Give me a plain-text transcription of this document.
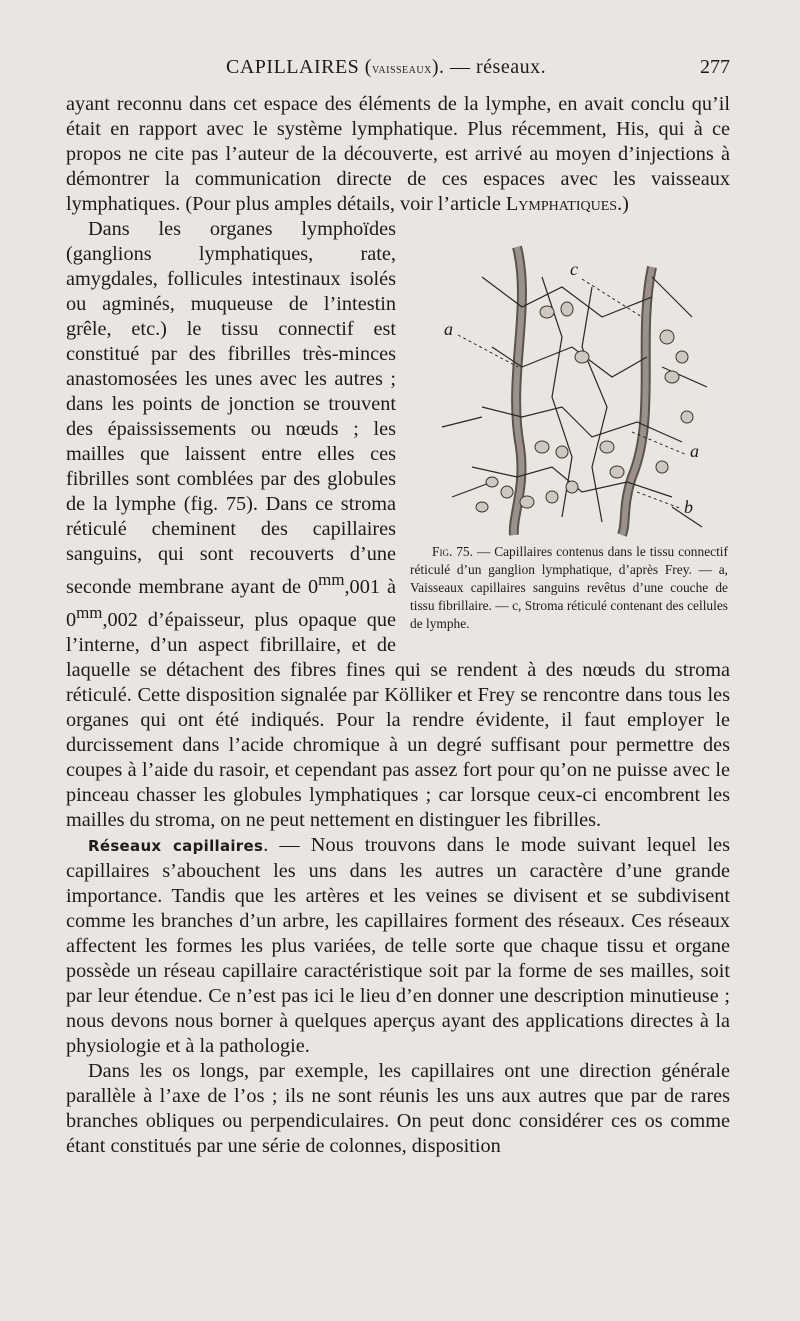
CAPILLAIRES (vaisseaux). — réseaux.	277

ayant reconnu dans cet espace des éléments de la lymphe, en avait conclu qu’il était en rapport avec le système lymphatique. Plus récemment, His, qui à ce propos ne cite pas l’auteur de la découverte, est arrivé au moyen d’injections à démontrer la communication directe de ces espaces avec les vaisseaux lymphatiques. (Pour plus amples détails, voir l’article Lymphatiques.)

c
a
a
b
Fig. 75. — Capillaires contenus dans le tissu connectif réticulé d’un ganglion lymphatique, d’après Frey. — a, Vaisseaux capillaires sanguins revêtus d’une couche de tissu fibrillaire. — c, Stroma réticulé contenant des cellules de lymphe.
Dans les organes lymphoïdes (ganglions lymphatiques, rate, amygdales, follicules intestinaux isolés ou agminés, muqueuse de l’intestin grêle, etc.) le tissu connectif est constitué par des fibrilles très-minces anastomosées les unes avec les autres ; dans les points de jonction se trouvent des épaississements ou nœuds ; les mailles que laissent entre elles ces fibrilles sont comblées par des globules de la lymphe (fig. 75). Dans ce stroma réticulé cheminent des capillaires sanguins, qui sont recouverts d’une seconde membrane ayant de $0^{mm},001$ à $0^{mm},002$ d’épaisseur, plus opaque que l’interne, d’un aspect fibrillaire, et de laquelle se détachent des fibres fines qui se rendent à des nœuds du stroma réticulé. Cette disposition signalée par Kölliker et Frey se rencontre dans tous les organes qui ont été indiqués. Pour la rendre évidente, il faut employer le durcissement dans l’acide chromique à un degré suffisant pour permettre des coupes à l’aide du rasoir, et cependant pas assez fort pour qu’on ne puisse avec le pinceau chasser les globules lymphatiques ; car lorsque ceux-ci encombrent les mailles du stroma, on ne peut nettement en distinguer les fibrilles.

Réseaux capillaires. — Nous trouvons dans le mode suivant lequel les capillaires s’abouchent les uns dans les autres un caractère d’une grande importance. Tandis que les artères et les veines se divisent et se subdivisent comme les branches d’un arbre, les capillaires forment des réseaux. Ces réseaux affectent les formes les plus variées, de telle sorte que chaque tissu et organe possède un réseau capillaire caractéristique soit par la forme de ses mailles, soit par leur étendue. Ce n’est pas ici le lieu d’en donner une description minutieuse ; nous devons nous borner à quelques aperçus ayant des applications directes à la physiologie et à la pathologie.

Dans les os longs, par exemple, les capillaires ont une direction générale parallèle à l’axe de l’os ; ils ne sont réunis les uns aux autres que par de rares branches obliques ou perpendiculaires. On peut donc considérer ces os comme étant constitués par une série de colonnes, disposition
